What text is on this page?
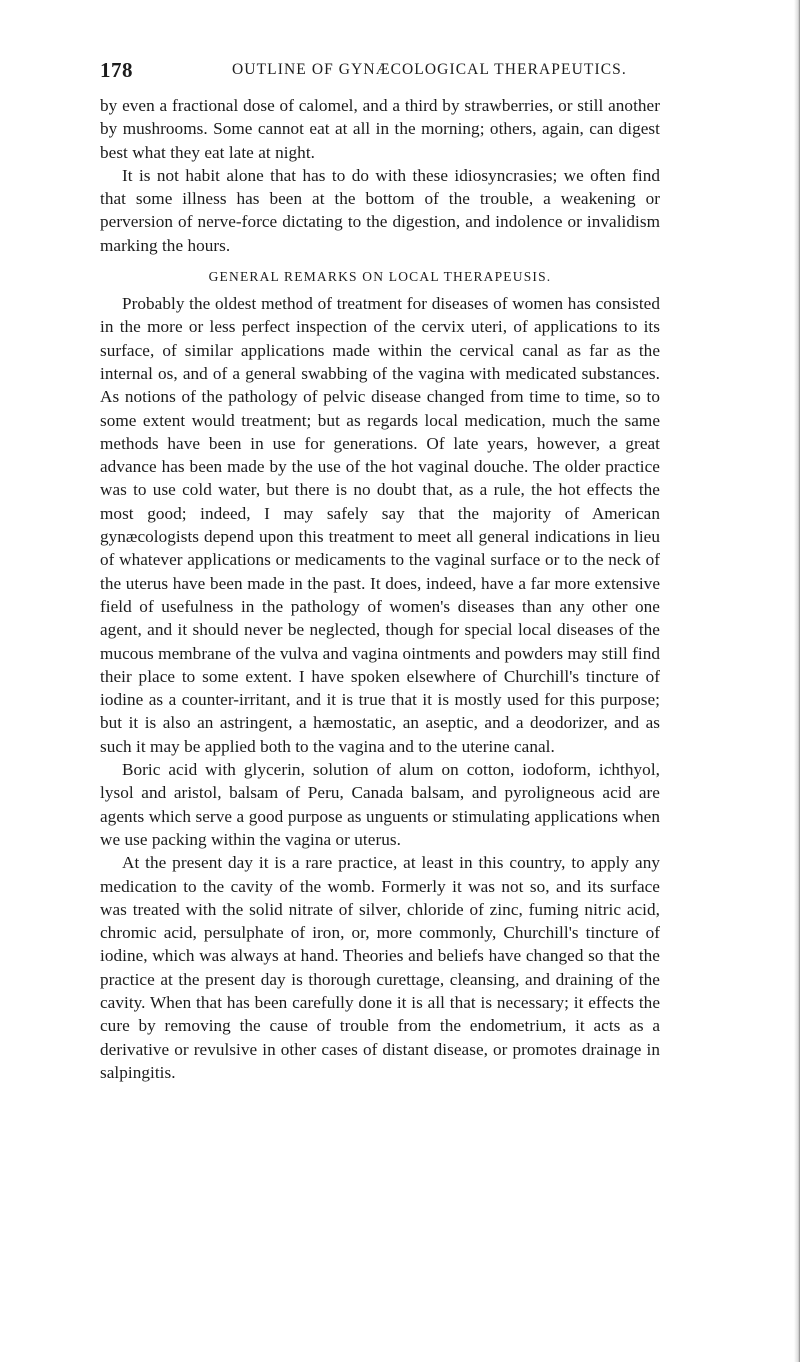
178	OUTLINE OF GYNÆCOLOGICAL THERAPEUTICS.

by even a fractional dose of calomel, and a third by strawberries, or still another by mushrooms. Some cannot eat at all in the morning; others, again, can digest best what they eat late at night.

It is not habit alone that has to do with these idiosyncrasies; we often find that some illness has been at the bottom of the trouble, a weakening or perversion of nerve-force dictating to the digestion, and indolence or invalidism marking the hours.

GENERAL REMARKS ON LOCAL THERAPEUSIS.

Probably the oldest method of treatment for diseases of women has consisted in the more or less perfect inspection of the cervix uteri, of applications to its surface, of similar applications made within the cervical canal as far as the internal os, and of a general swabbing of the vagina with medicated substances. As notions of the pathology of pelvic disease changed from time to time, so to some extent would treatment; but as regards local medication, much the same methods have been in use for generations. Of late years, however, a great advance has been made by the use of the hot vaginal douche. The older practice was to use cold water, but there is no doubt that, as a rule, the hot effects the most good; indeed, I may safely say that the majority of American gynæcologists depend upon this treatment to meet all general indications in lieu of whatever applications or medicaments to the vaginal surface or to the neck of the uterus have been made in the past. It does, indeed, have a far more extensive field of usefulness in the pathology of women's diseases than any other one agent, and it should never be neglected, though for special local diseases of the mucous membrane of the vulva and vagina ointments and powders may still find their place to some extent. I have spoken elsewhere of Churchill's tincture of iodine as a counter-irritant, and it is true that it is mostly used for this purpose; but it is also an astringent, a hæmostatic, an aseptic, and a deodorizer, and as such it may be applied both to the vagina and to the uterine canal.

Boric acid with glycerin, solution of alum on cotton, iodoform, ichthyol, lysol and aristol, balsam of Peru, Canada balsam, and pyroligneous acid are agents which serve a good purpose as unguents or stimulating applications when we use packing within the vagina or uterus.

At the present day it is a rare practice, at least in this country, to apply any medication to the cavity of the womb. Formerly it was not so, and its surface was treated with the solid nitrate of silver, chloride of zinc, fuming nitric acid, chromic acid, persulphate of iron, or, more commonly, Churchill's tincture of iodine, which was always at hand. Theories and beliefs have changed so that the practice at the present day is thorough curettage, cleansing, and draining of the cavity. When that has been carefully done it is all that is necessary; it effects the cure by removing the cause of trouble from the endometrium, it acts as a derivative or revulsive in other cases of distant disease, or promotes drainage in salpingitis.
